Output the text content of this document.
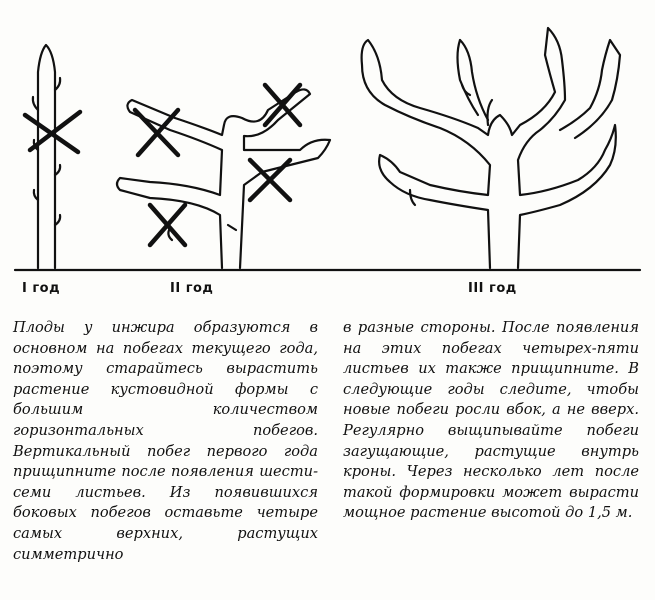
I год	II год	III год

Плоды у инжира образуются в основном на побегах текущего года, поэтому старайтесь вырастить растение кустовидной формы с большим количеством горизонтальных побегов. Вертикальный побег первого года прищипните после появления шести-семи листьев. Из появившихся боковых побегов оставьте четыре самых верхних, растущих симметрично

в разные стороны. После появления на этих побегах четырех-пяти листьев их также прищипните. В следующие годы следите, чтобы новые побеги росли вбок, а не вверх. Регулярно выщипывайте побеги загущающие, растущие внутрь кроны. Через несколько лет после такой формировки может вырасти мощное растение высотой до 1,5 м.
